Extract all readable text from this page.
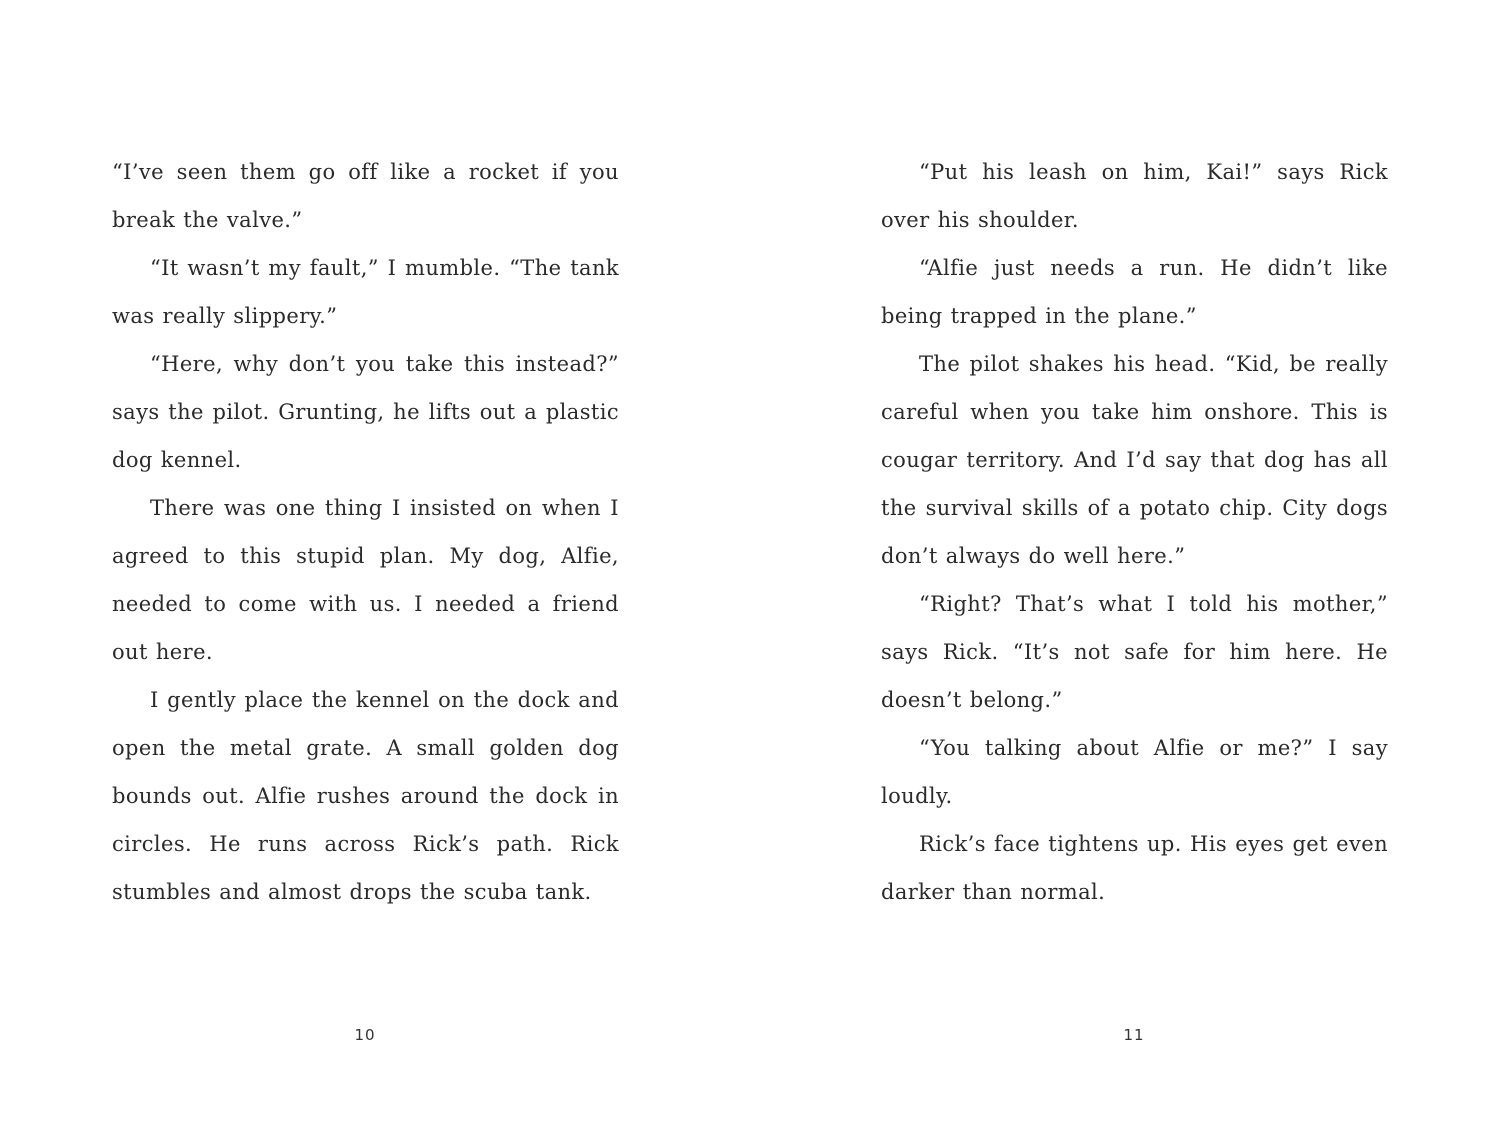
“I’ve seen them go off like a rocket if you break the valve.”

“It wasn’t my fault,” I mumble. “The tank was really slippery.”

“Here, why don’t you take this instead?” says the pilot. Grunting, he lifts out a plastic dog kennel.

There was one thing I insisted on when I agreed to this stupid plan. My dog, Alfie, needed to come with us. I needed a friend out here.

I gently place the kennel on the dock and open the metal grate. A small golden dog bounds out. Alfie rushes around the dock in circles. He runs across Rick’s path. Rick stumbles and almost drops the scuba tank.

“Put his leash on him, Kai!” says Rick over his shoulder.

“Alfie just needs a run. He didn’t like being trapped in the plane.”

The pilot shakes his head. “Kid, be really careful when you take him onshore. This is cougar territory. And I’d say that dog has all the survival skills of a potato chip. City dogs don’t always do well here.”

“Right? That’s what I told his mother,” says Rick. “It’s not safe for him here. He doesn’t belong.”

“You talking about Alfie or me?” I say loudly.

Rick’s face tightens up. His eyes get even darker than normal.

10	11
